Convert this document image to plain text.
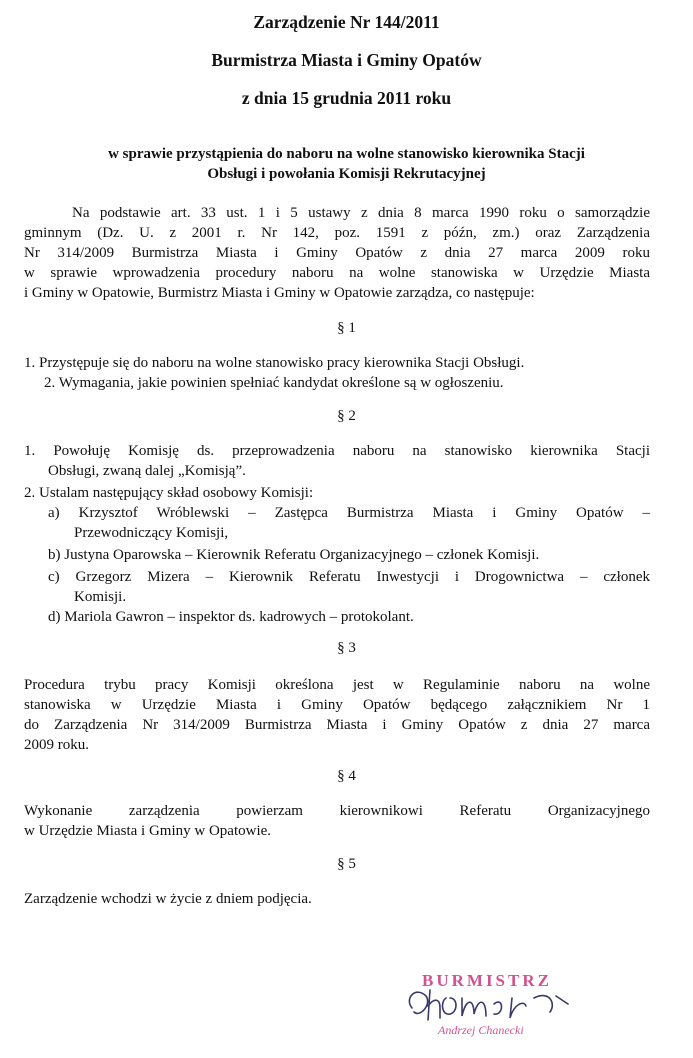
Zarządzenie Nr 144/2011
Burmistrza Miasta i Gminy Opatów
z dnia 15 grudnia 2011 roku
w sprawie przystąpienia do naboru na wolne stanowisko kierownika Stacji
Obsługi i powołania Komisji Rekrutacyjnej
Na podstawie art. 33 ust. 1 i 5 ustawy z dnia 8 marca 1990 roku o samorządzie
gminnym (Dz. U. z 2001 r. Nr 142, poz. 1591 z późn, zm.) oraz Zarządzenia
Nr 314/2009 Burmistrza Miasta i Gminy Opatów z dnia 27 marca 2009 roku
w sprawie wprowadzenia procedury naboru na wolne stanowiska w Urzędzie Miasta
i Gminy w Opatowie, Burmistrz Miasta i Gminy w Opatowie zarządza, co następuje:
§ 1
1. Przystępuje się do naboru na wolne stanowisko pracy kierownika Stacji Obsługi.
2. Wymagania, jakie powinien spełniać kandydat określone są w ogłoszeniu.
§ 2
1. Powołuję Komisję ds. przeprowadzenia naboru na stanowisko kierownika Stacji
Obsługi, zwaną dalej „Komisją”.
2. Ustalam następujący skład osobowy Komisji:
a) Krzysztof Wróblewski – Zastępca Burmistrza Miasta i Gminy Opatów –
Przewodniczący Komisji,
b) Justyna Oparowska – Kierownik Referatu Organizacyjnego – członek Komisji.
c) Grzegorz Mizera – Kierownik Referatu Inwestycji i Drogownictwa – członek
Komisji.
d) Mariola Gawron – inspektor ds. kadrowych – protokolant.
§ 3
Procedura trybu pracy Komisji określona jest w Regulaminie naboru na wolne
stanowiska w Urzędzie Miasta i Gminy Opatów będącego załącznikiem Nr 1
do Zarządzenia Nr 314/2009 Burmistrza Miasta i Gminy Opatów z dnia 27 marca
2009 roku.
§ 4
Wykonanie zarządzenia powierzam kierownikowi Referatu Organizacyjnego
w Urzędzie Miasta i Gminy w Opatowie.
§ 5
Zarządzenie wchodzi w życie z dniem podjęcia.
BURMISTRZ
Andrzej Chanecki
